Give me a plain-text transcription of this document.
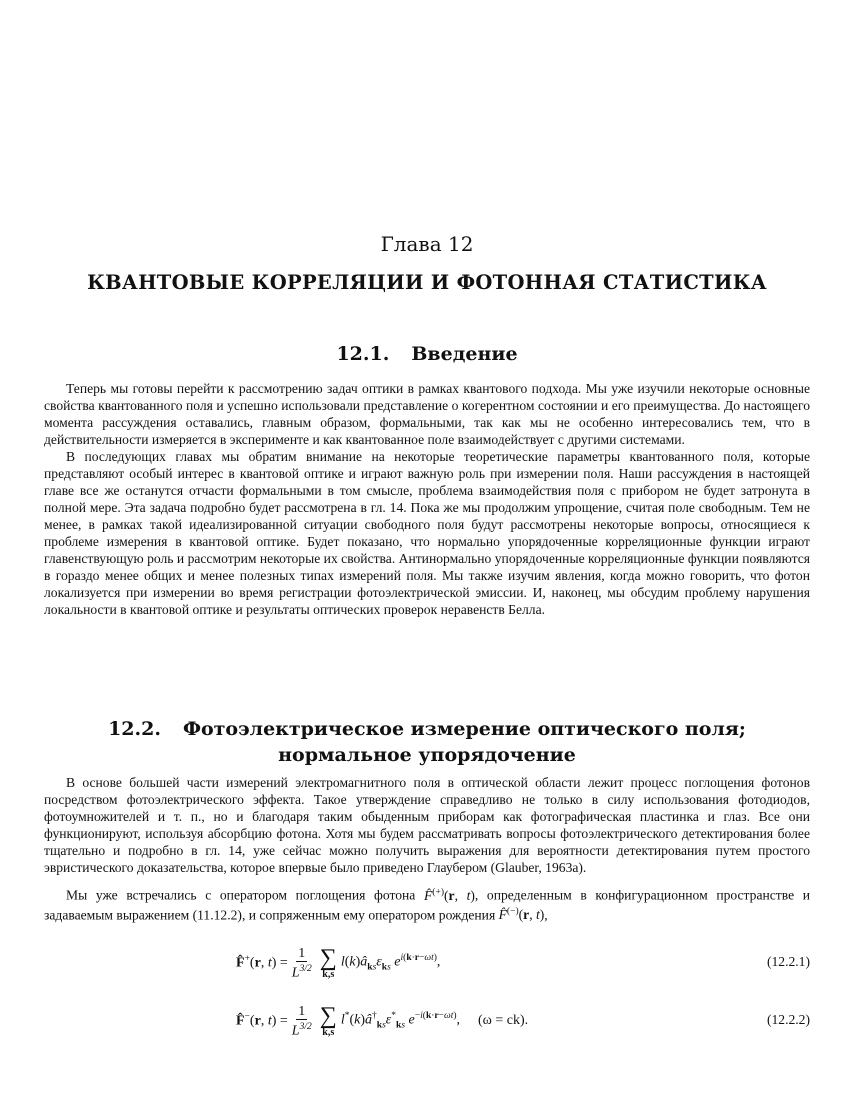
Глава 12
КВАНТОВЫЕ КОРРЕЛЯЦИИ И ФОТОННАЯ СТАТИСТИКА
12.1. Введение

Теперь мы готовы перейти к рассмотрению задач оптики в рамках квантового подхода. Мы уже изучили некоторые основные свойства квантованного поля и успешно использовали представление о когерентном состоянии и его преимущества. До настоящего момента рассуждения оставались, главным образом, формальными, так как мы не особенно интересовались тем, что в действительности измеряется в эксперименте и как квантованное поле взаимодействует с другими системами.

В последующих главах мы обратим внимание на некоторые теоретические параметры квантованного поля, которые представляют особый интерес в квантовой оптике и играют важную роль при измерении поля. Наши рассуждения в настоящей главе все же останутся отчасти формальными в том смысле, проблема взаимодействия поля с прибором не будет затронута в полной мере. Эта задача подробно будет рассмотрена в гл. 14. Пока же мы продолжим упрощение, считая поле свободным. Тем не менее, в рамках такой идеализированной ситуации свободного поля будут рассмотрены некоторые вопросы, относящиеся к проблеме измерения в квантовой оптике. Будет показано, что нормально упорядоченные корреляционные функции играют главенствующую роль и рассмотрим некоторые их свойства. Антинормально упорядоченные корреляционные функции появляются в гораздо менее общих и менее полезных типах измерений поля. Мы также изучим явления, когда можно говорить, что фотон локализуется при измерении во время регистрации фотоэлектрической эмиссии. И, наконец, мы обсудим проблему нарушения локальности в квантовой оптике и результаты оптических проверок неравенств Белла.

12.2. Фотоэлектрическое измерение оптического поля;
нормальное упорядочение

В основе большей части измерений электромагнитного поля в оптической области лежит процесс поглощения фотонов посредством фотоэлектрического эффекта. Такое утверждение справедливо не только в силу использования фотодиодов, фотоумножителей и т. п., но и благодаря таким обыденным приборам как фотографическая пластинка и глаз. Все они функционируют, используя абсорбцию фотона. Хотя мы будем рассматривать вопросы фотоэлектрического детектирования более тщательно и подробно в гл. 14, уже сейчас можно получить выражения для вероятности детектирования путем простого эвристического доказательства, которое впервые было приведено Глаубером (Glauber, 1963a).

Мы уже встречались с оператором поглощения фотона F̂(+)(r, t), определенным в конфигурационном пространстве и задаваемым выражением (11.12.2), и сопряженным ему оператором рождения F̂(−)(r, t),

F̂+(r, $t) = \frac{1}{L^{3/2}}$ ∑
k,s
$l(k)â_{ks}\varepsilon_{ks}$ $e^{i(k\cdot r-\omega t)}$,	(12.2.1)
F̂−(r, $t) = \frac{1}{L^{3/2}}$ ∑
k,s
$l^*(k)â^\dagger_{ks}\varepsilon^*_{ks}$ $e^{-i(k\cdot r-\omega t)}$, (ω = ck).	(12.2.2)
